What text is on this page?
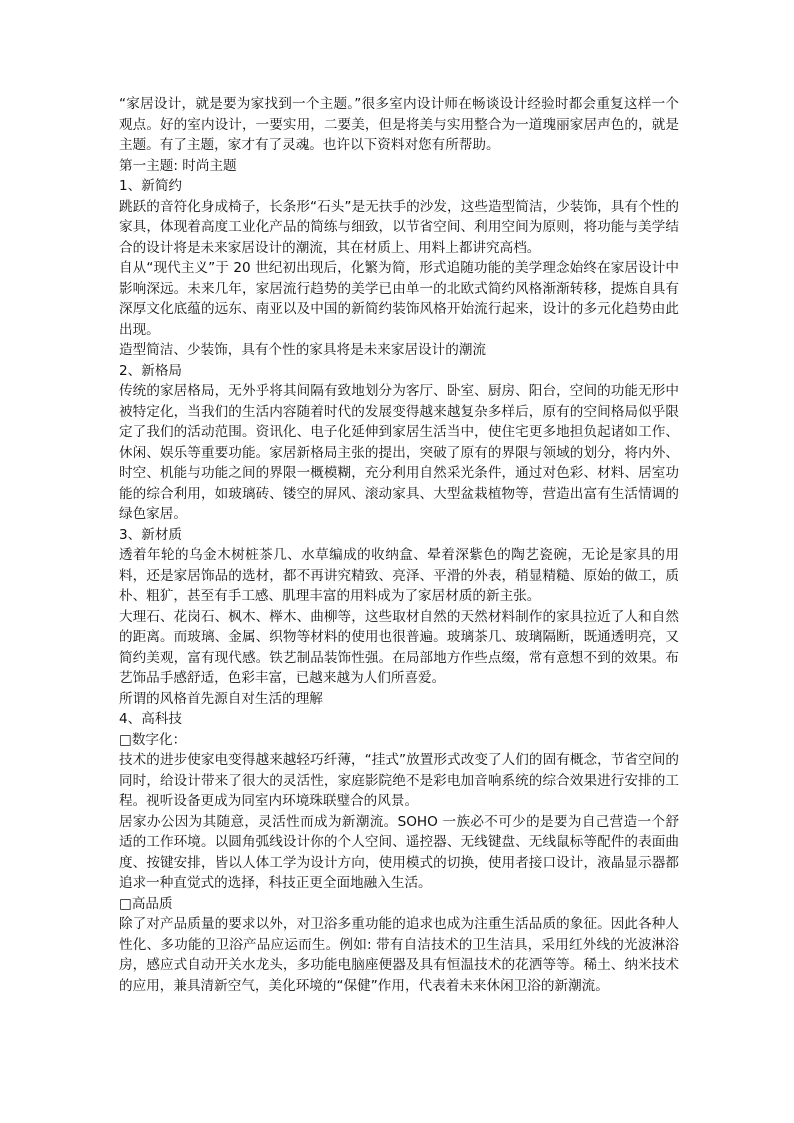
“家居设计，就是要为家找到一个主题。”很多室内设计师在畅谈设计经验时都会重复这样一个观点。好的室内设计，一要实用，二要美，但是将美与实用整合为一道瑰丽家居声色的，就是主题。有了主题，家才有了灵魂。也许以下资料对您有所帮助。

第一主题: 时尚主题

1、新简约

跳跃的音符化身成椅子，长条形“石头”是无扶手的沙发，这些造型简洁，少装饰，具有个性的家具，体现着高度工业化产品的简练与细致，以节省空间、利用空间为原则，将功能与美学结合的设计将是未来家居设计的潮流，其在材质上、用料上都讲究高档。

自从“现代主义”于 20 世纪初出现后，化繁为简，形式追随功能的美学理念始终在家居设计中影响深远。未来几年，家居流行趋势的美学已由单一的北欧式简约风格渐渐转移，提炼自具有深厚文化底蕴的远东、南亚以及中国的新简约装饰风格开始流行起来，设计的多元化趋势由此出现。

造型简洁、少装饰，具有个性的家具将是未来家居设计的潮流

2、新格局

传统的家居格局，无外乎将其间隔有致地划分为客厅、卧室、厨房、阳台，空间的功能无形中被特定化，当我们的生活内容随着时代的发展变得越来越复杂多样后，原有的空间格局似乎限定了我们的活动范围。资讯化、电子化延伸到家居生活当中，使住宅更多地担负起诸如工作、休闲、娱乐等重要功能。家居新格局主张的提出，突破了原有的界限与领域的划分，将内外、时空、机能与功能之间的界限一概模糊，充分利用自然采光条件，通过对色彩、材料、居室功能的综合利用，如玻璃砖、镂空的屏风、滚动家具、大型盆栽植物等，营造出富有生活情调的绿色家居。

3、新材质

透着年轮的乌金木树桩茶几、水草编成的收纳盒、晕着深紫色的陶艺瓷碗，无论是家具的用料，还是家居饰品的选材，都不再讲究精致、亮泽、平滑的外表，稍显精糙、原始的做工，质朴、粗犷，甚至有手工感、肌理丰富的用料成为了家居材质的新主张。

大理石、花岗石、枫木、榉木、曲柳等，这些取材自然的天然材料制作的家具拉近了人和自然的距离。而玻璃、金属、织物等材料的使用也很普遍。玻璃茶几、玻璃隔断，既通透明亮，又简约美观，富有现代感。铁艺制品装饰性强。在局部地方作些点缀，常有意想不到的效果。布艺饰品手感舒适，色彩丰富，已越来越为人们所喜爱。

所谓的风格首先源自对生活的理解

4、高科技

□数字化：

技术的进步使家电变得越来越轻巧纤薄，“挂式”放置形式改变了人们的固有概念，节省空间的同时，给设计带来了很大的灵活性，家庭影院绝不是彩电加音响系统的综合效果进行安排的工程。视听设备更成为同室内环境珠联璧合的风景。

居家办公因为其随意，灵活性而成为新潮流。SOHO 一族必不可少的是要为自己营造一个舒适的工作环境。以圆角弧线设计你的个人空间、遥控器、无线键盘、无线鼠标等配件的表面曲度、按键安排，皆以人体工学为设计方向，使用模式的切换，使用者接口设计，液晶显示器都追求一种直觉式的选择，科技正更全面地融入生活。

□高品质

除了对产品质量的要求以外，对卫浴多重功能的追求也成为注重生活品质的象征。因此各种人性化、多功能的卫浴产品应运而生。例如: 带有自洁技术的卫生洁具，采用红外线的光波淋浴房，感应式自动开关水龙头，多功能电脑座便器及具有恒温技术的花洒等等。稀土、纳米技术的应用，兼具清新空气，美化环境的“保健”作用，代表着未来休闲卫浴的新潮流。
